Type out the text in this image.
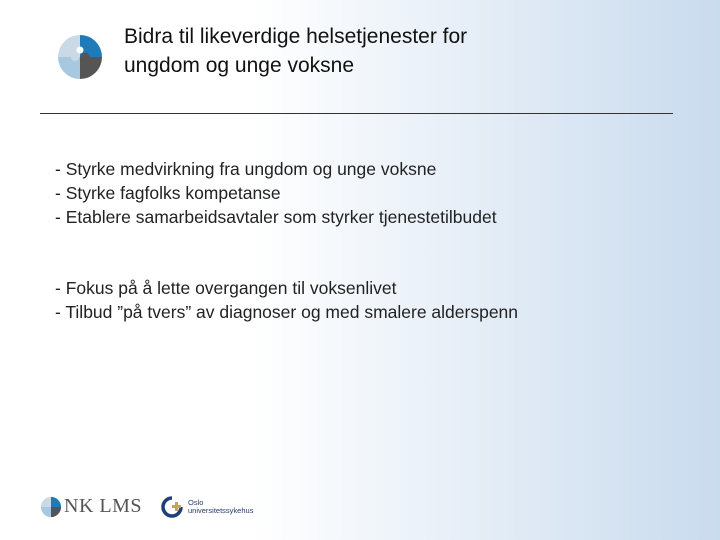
Bidra til likeverdige helsetjenester for
ungdom og unge voksne
- Styrke medvirkning fra ungdom og unge voksne
- Styrke fagfolks kompetanse
- Etablere samarbeidsavtaler som styrker tjenestetilbudet
- Fokus på å lette overgangen til voksenlivet
- Tilbud ”på tvers” av diagnoser og med smalere alderspenn
NK LMS	Oslo
universitetssykehus
